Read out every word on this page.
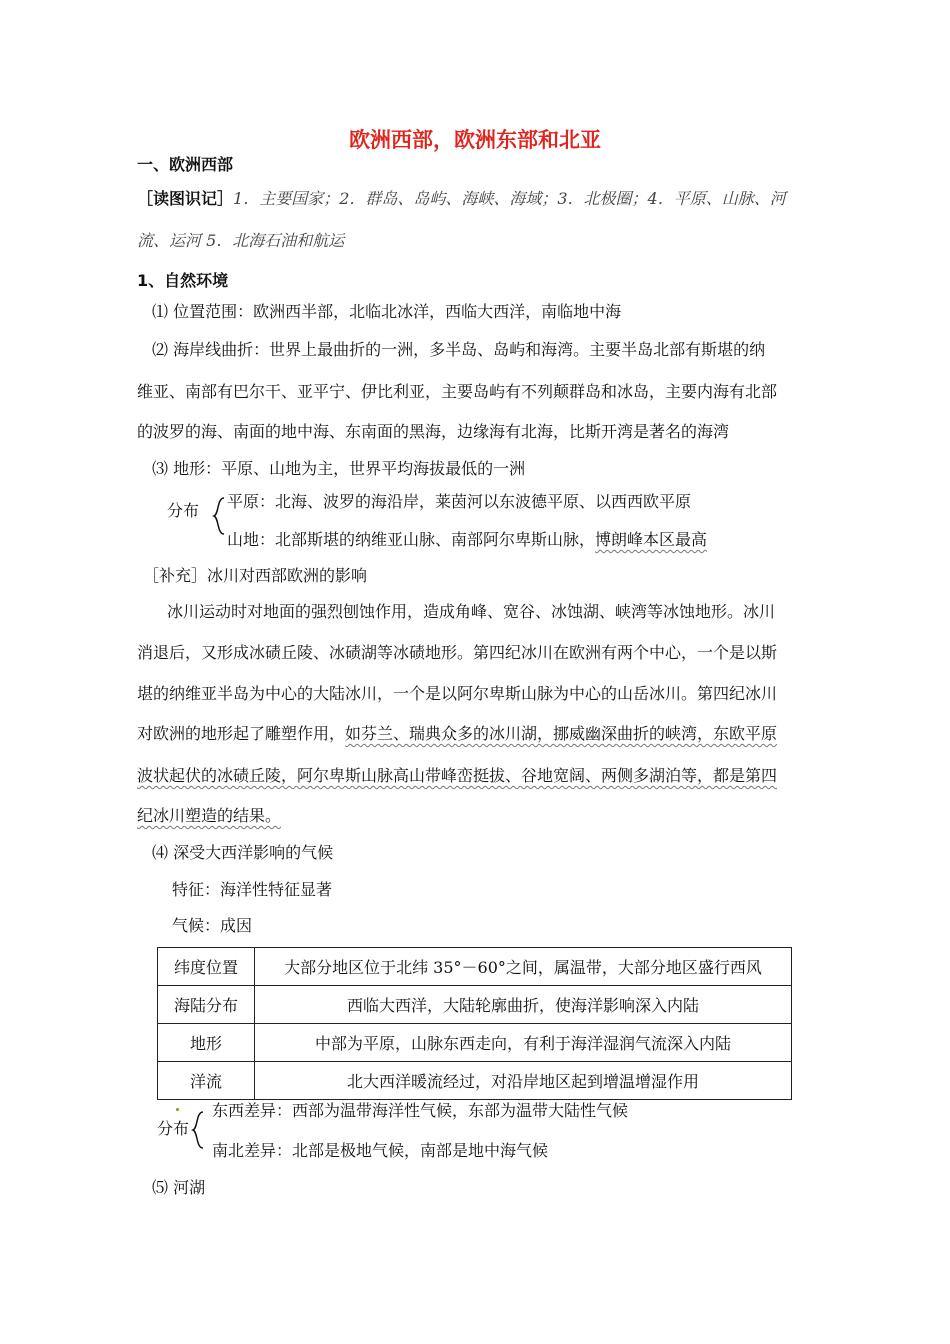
欧洲西部，欧洲东部和北亚
一、欧洲西部
［读图识记］1．主要国家；2．群岛、岛屿、海峡、海域；3．北极圈；4．平原、山脉、河
流、运河 5．北海石油和航运
1、自然环境
⑴ 位置范围：欧洲西半部，北临北冰洋，西临大西洋，南临地中海
⑵ 海岸线曲折：世界上最曲折的一洲，多半岛、岛屿和海湾。主要半岛北部有斯堪的纳
维亚、南部有巴尔干、亚平宁、伊比利亚，主要岛屿有不列颠群岛和冰岛，主要内海有北部
的波罗的海、南面的地中海、东南面的黑海，边缘海有北海，比斯开湾是著名的海湾
⑶ 地形：平原、山地为主，世界平均海拔最低的一洲
分布 平原：北海、波罗的海沿岸，莱茵河以东波德平原、以西西欧平原
山地：北部斯堪的纳维亚山脉、南部阿尔卑斯山脉，博朗峰本区最高
［补充］冰川对西部欧洲的影响
冰川运动时对地面的强烈刨蚀作用，造成角峰、宽谷、冰蚀湖、峡湾等冰蚀地形。冰川
消退后，又形成冰碛丘陵、冰碛湖等冰碛地形。第四纪冰川在欧洲有两个中心，一个是以斯
堪的纳维亚半岛为中心的大陆冰川，一个是以阿尔卑斯山脉为中心的山岳冰川。第四纪冰川
对欧洲的地形起了雕塑作用，如芬兰、瑞典众多的冰川湖，挪威幽深曲折的峡湾，东欧平原
波状起伏的冰碛丘陵，阿尔卑斯山脉高山带峰峦挺拔、谷地宽阔、两侧多湖泊等，都是第四
纪冰川塑造的结果。
⑷ 深受大西洋影响的气候
特征：海洋性特征显著
气候：成因
纬度位置	大部分地区位于北纬 35°－60°之间，属温带，大部分地区盛行西风
海陆分布	西临大西洋，大陆轮廓曲折，使海洋影响深入内陆
地形	中部为平原，山脉东西走向，有利于海洋湿润气流深入内陆
洋流	北大西洋暖流经过，对沿岸地区起到增温增湿作用
分布
东西差异：西部为温带海洋性气候，东部为温带大陆性气候
南北差异：北部是极地气候，南部是地中海气候
⑸ 河湖
